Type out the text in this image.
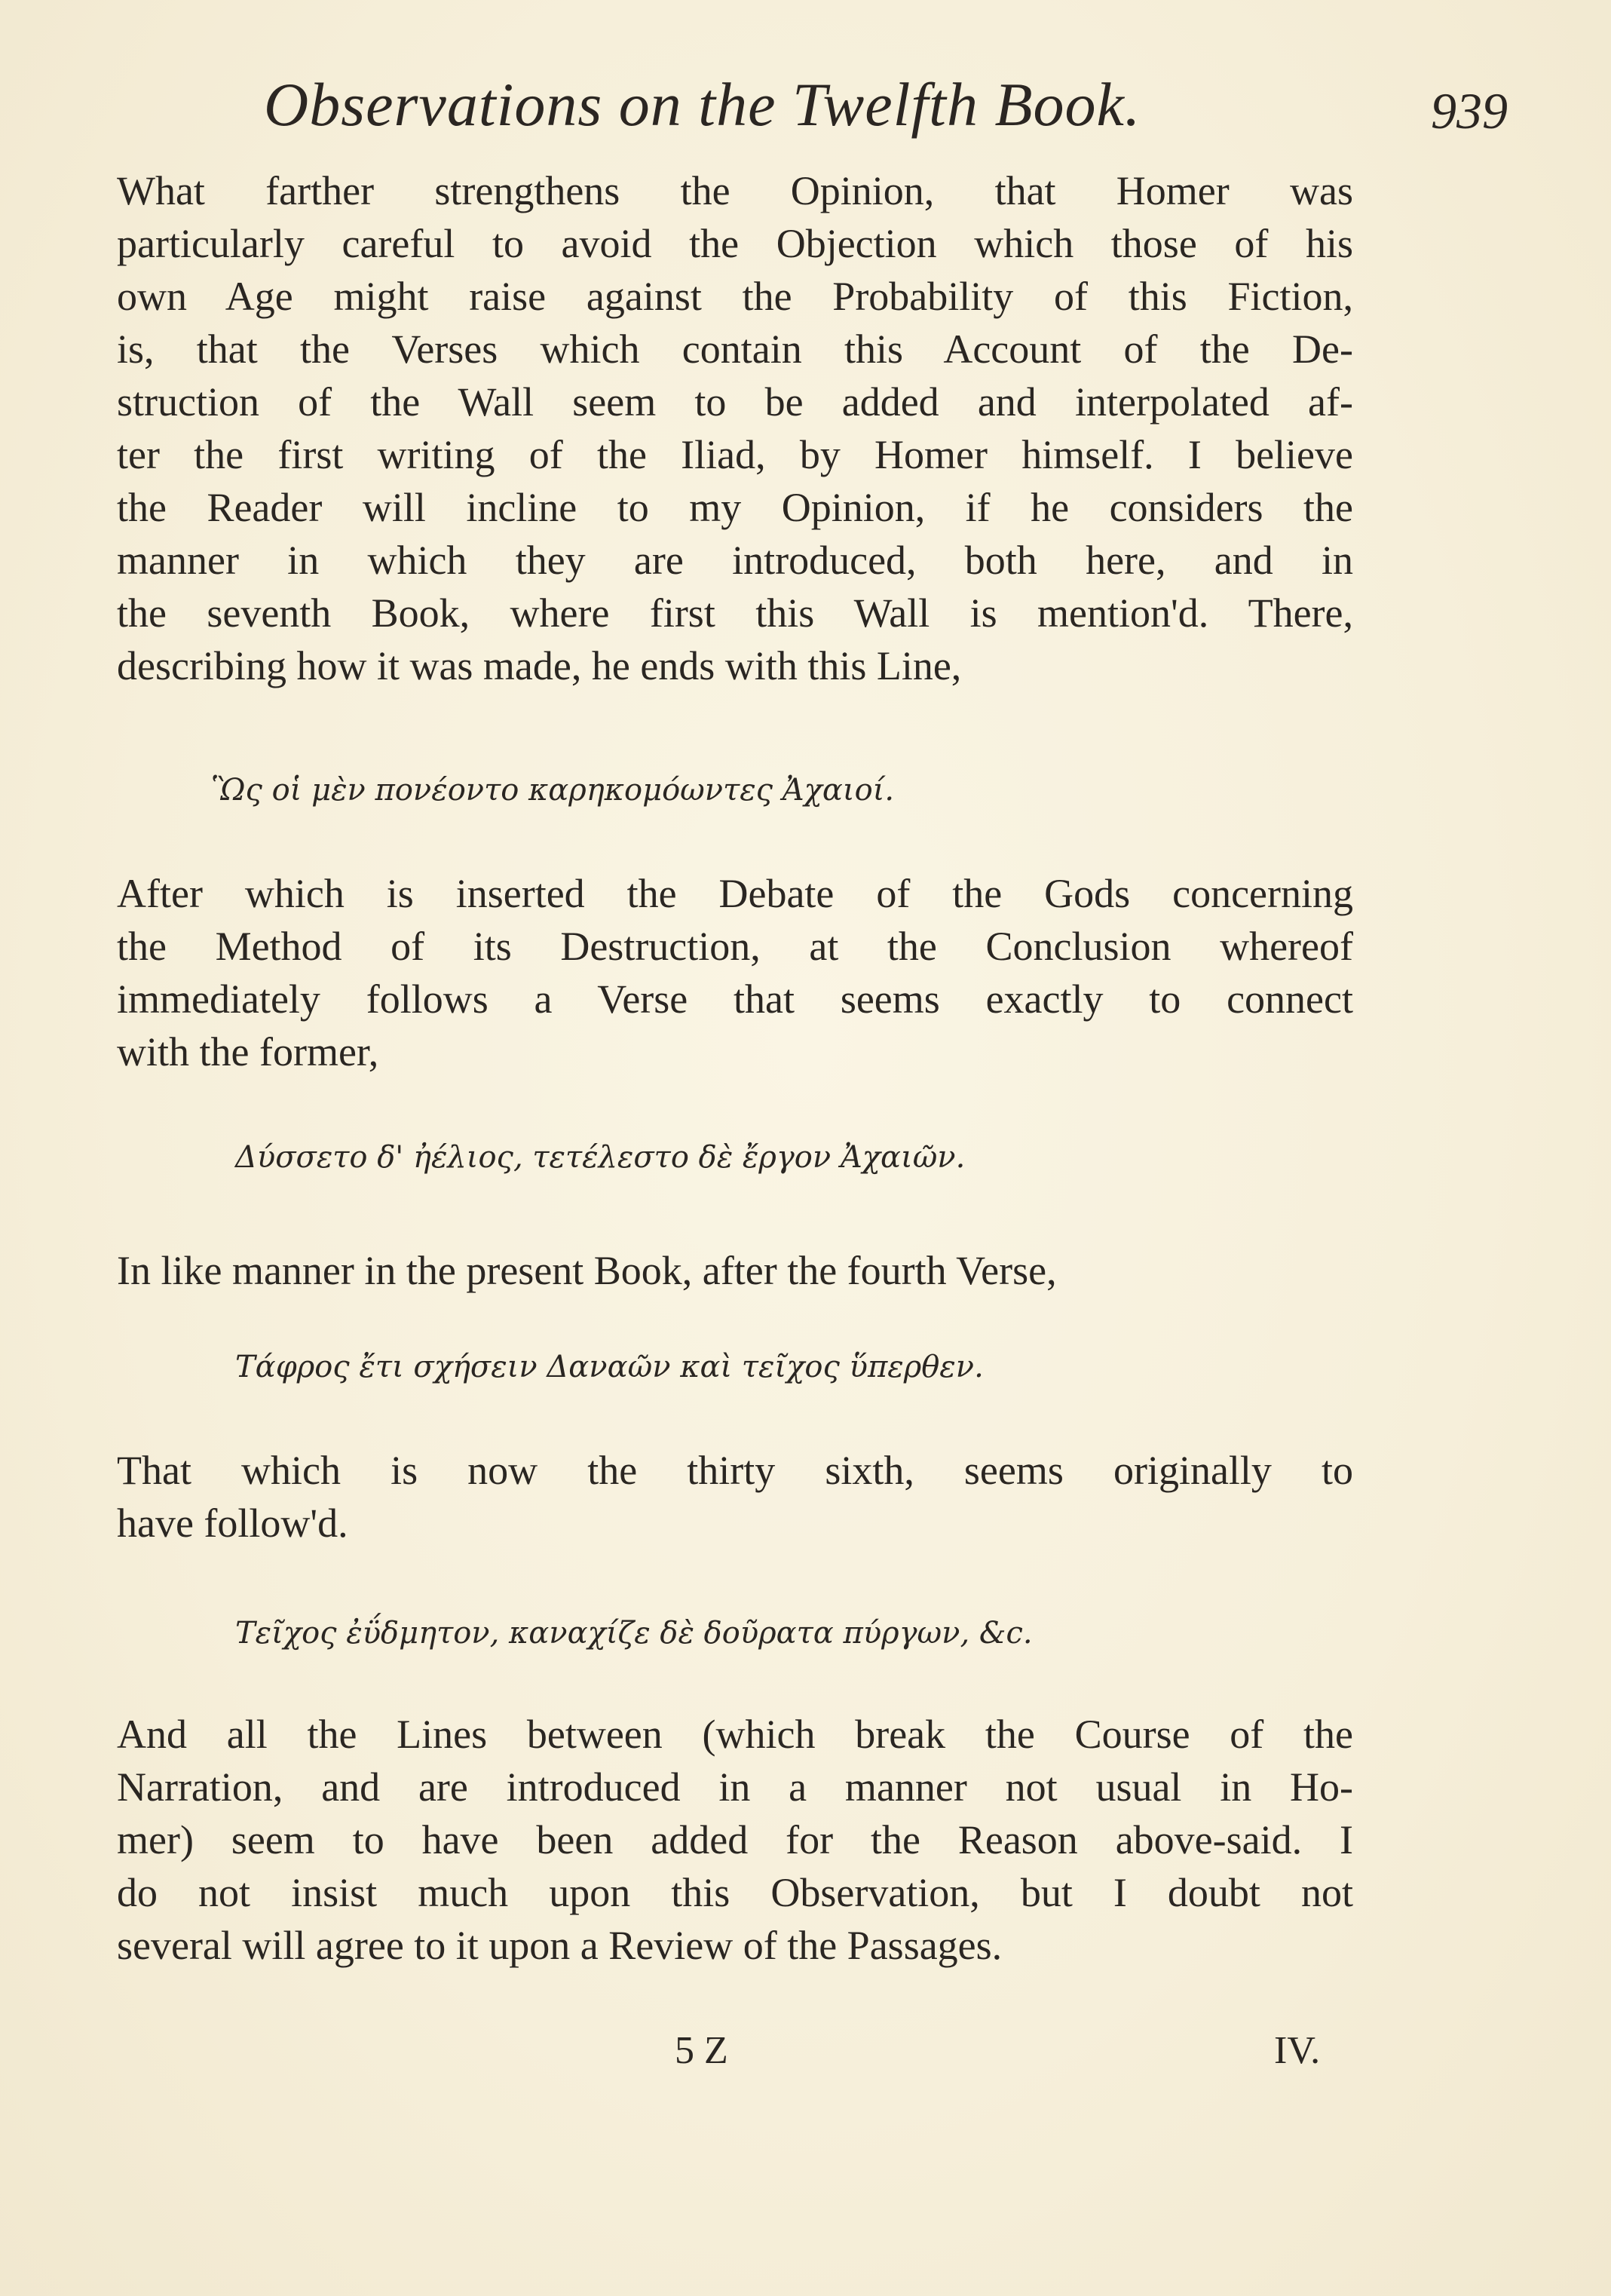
Observations on the Twelfth Book.	939
What farther strengthens the Opinion, that Homer was
particularly careful to avoid the Objection which those of his
own Age might raise against the Probability of this Fiction,
is, that the Verses which contain this Account of the De-
struction of the Wall seem to be added and interpolated af-
ter the first writing of the Iliad, by Homer himself. I believe
the Reader will incline to my Opinion, if he considers the
manner in which they are introduced, both here, and in
the seventh Book, where first this Wall is mention'd. There,
describing how it was made, he ends with this Line,
Ὣς οἱ μὲν πονέοντο καρηκομόωντες Ἀχαιοί.
After which is inserted the Debate of the Gods concerning
the Method of its Destruction, at the Conclusion whereof
immediately follows a Verse that seems exactly to connect
with the former,
Δύσσετο δ' ἠέλιος, τετέλεστο δὲ ἔργον Ἀχαιῶν.
In like manner in the present Book, after the fourth Verse,
Τάφρος ἔτι σχήσειν Δαναῶν καὶ τεῖχος ὕπερθεν.
That which is now the thirty sixth, seems originally to
have follow'd.
Τεῖχος ἐΰδμητον, καναχίζε δὲ δοῦρατα πύργων, &c.
And all the Lines between (which break the Course of the
Narration, and are introduced in a manner not usual in Ho-
mer) seem to have been added for the Reason above-said. I
do not insist much upon this Observation, but I doubt not
several will agree to it upon a Review of the Passages.
5 Z	IV.
